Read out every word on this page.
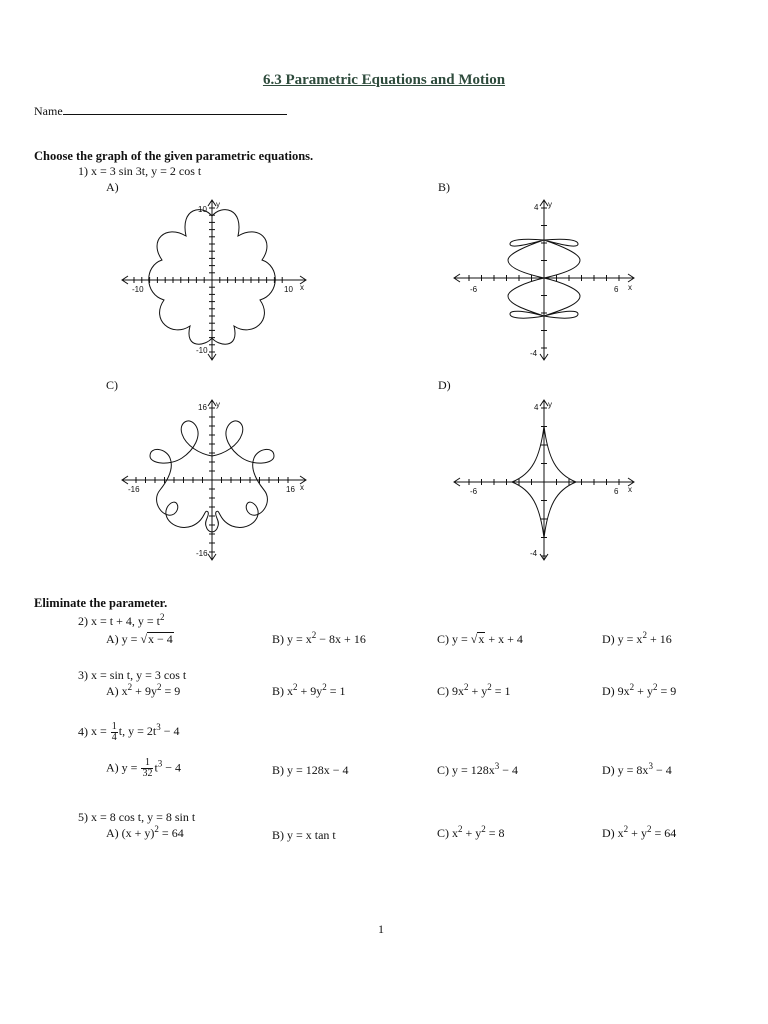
6.3 Parametric Equations and Motion
Name
Choose the graph of the given parametric equations.
1) x = 3 sin 3t, y = 2 cos t
A)	B)
C)	D)
10
y
-10	10 x
-10
4 y
-6	6 x
-4
16 y
-16	16 x
-16
4 y
-6	6 x
-4
Eliminate the parameter.
2) x = t + 4, $y = t^2$
A) y = √x − 4	B) $y = x^2 - 8x + 16$	C) y = √x + x + 4	D) $y = x^2 + 16$
3) x = sin t, y = 3 cos t
A) $x^2 + 9y^2 = 9$	B) $x^2 + 9y^2 = 1$	C) $9x^2 + y^2 = 1$	D) $9x^2 + y^2 = 9$
4) $x = \frac{1}{4} t$, $y = 2t^3 - 4$
A) $y = \frac{1}{32} t^3 - 4$	B) y = 128x − 4	C) $y = 128x^3 - 4$	D) $y = 8x^3 - 4$
5) x = 8 cos t, y = 8 sin t
A) $(x + y)^2 = 64$	B) y = x tan t	C) $x^2 + y^2 = 8$	D) $x^2 + y^2 = 64$
1
